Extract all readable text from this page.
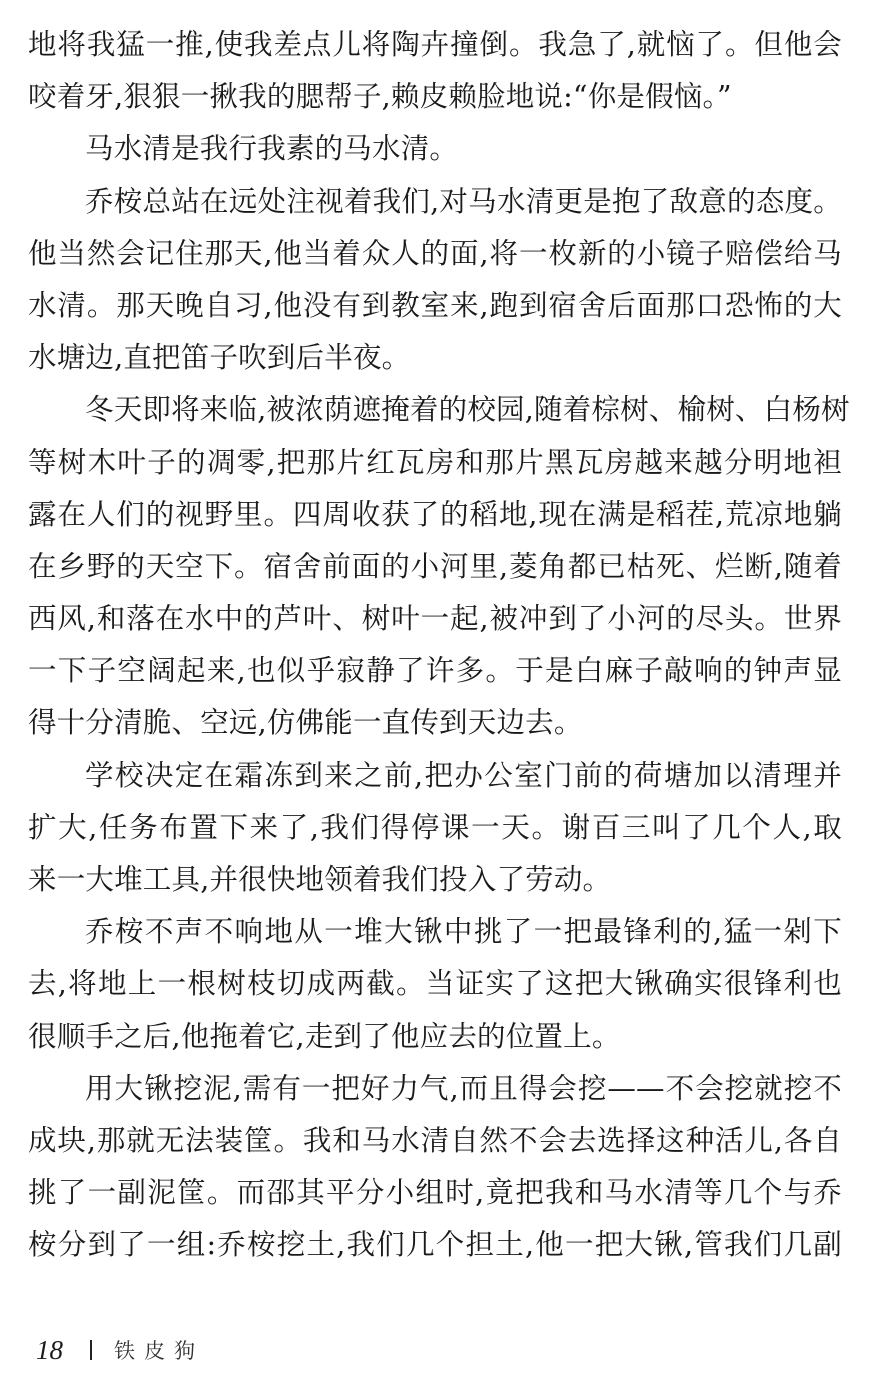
地将我猛一推,使我差点儿将陶卉撞倒。我急了,就恼了。但他会
咬着牙,狠狠一揪我的腮帮子,赖皮赖脸地说:“你是假恼。”
马水清是我行我素的马水清。
乔桉总站在远处注视着我们,对马水清更是抱了敌意的态度。
他当然会记住那天,他当着众人的面,将一枚新的小镜子赔偿给马
水清。那天晚自习,他没有到教室来,跑到宿舍后面那口恐怖的大
水塘边,直把笛子吹到后半夜。
冬天即将来临,被浓荫遮掩着的校园,随着棕树、榆树、白杨树
等树木叶子的凋零,把那片红瓦房和那片黑瓦房越来越分明地袒
露在人们的视野里。四周收获了的稻地,现在满是稻茬,荒凉地躺
在乡野的天空下。宿舍前面的小河里,菱角都已枯死、烂断,随着
西风,和落在水中的芦叶、树叶一起,被冲到了小河的尽头。世界
一下子空阔起来,也似乎寂静了许多。于是白麻子敲响的钟声显
得十分清脆、空远,仿佛能一直传到天边去。
学校决定在霜冻到来之前,把办公室门前的荷塘加以清理并
扩大,任务布置下来了,我们得停课一天。谢百三叫了几个人,取
来一大堆工具,并很快地领着我们投入了劳动。
乔桉不声不响地从一堆大锹中挑了一把最锋利的,猛一剁下
去,将地上一根树枝切成两截。当证实了这把大锹确实很锋利也
很顺手之后,他拖着它,走到了他应去的位置上。
用大锹挖泥,需有一把好力气,而且得会挖——不会挖就挖不
成块,那就无法装筐。我和马水清自然不会去选择这种活儿,各自
挑了一副泥筐。而邵其平分小组时,竟把我和马水清等几个与乔
桉分到了一组:乔桉挖土,我们几个担土,他一把大锹,管我们几副
18	铁皮狗
